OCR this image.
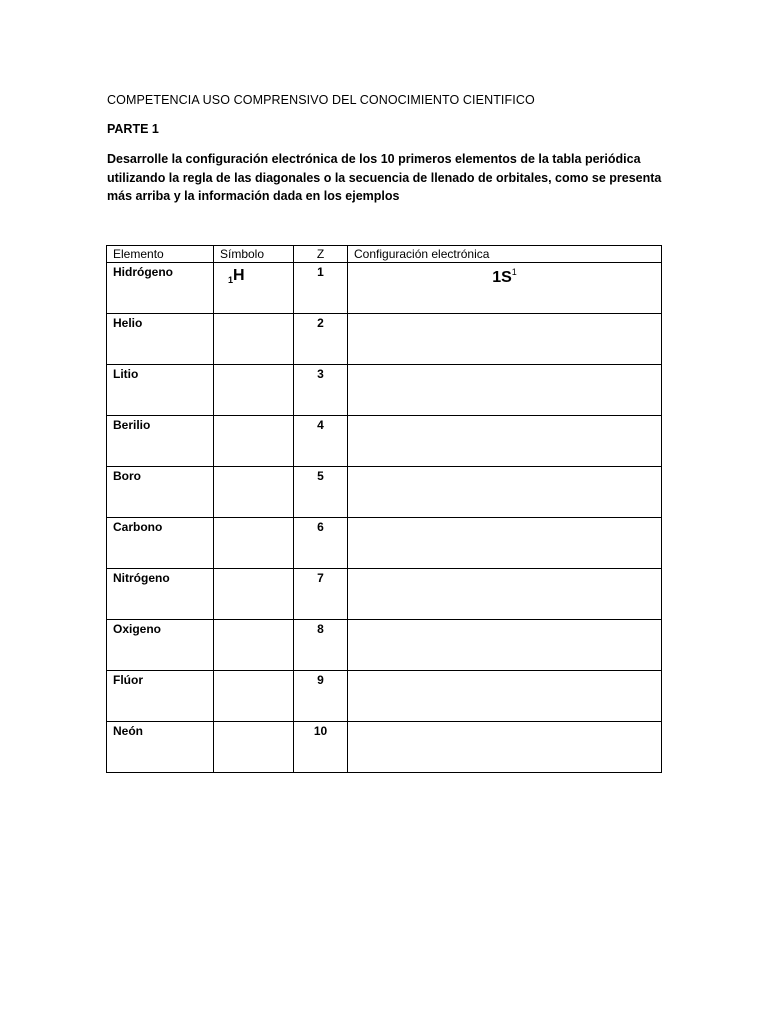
COMPETENCIA USO COMPRENSIVO DEL CONOCIMIENTO CIENTIFICO
PARTE 1
Desarrolle la configuración electrónica de los 10 primeros elementos de la tabla periódica utilizando la regla de las diagonales o la secuencia de llenado de orbitales, como se presenta más arriba y la información dada en los ejemplos
Elemento	Símbolo	Z	Configuración electrónica
Hidrógeno	$_1$H	1	$1S^1$

Helio		2	
Litio		3	
Berilio		4	
Boro		5	
Carbono		6	
Nitrógeno		7	
Oxigeno		8	
Flúor		9	
Neón		10	
